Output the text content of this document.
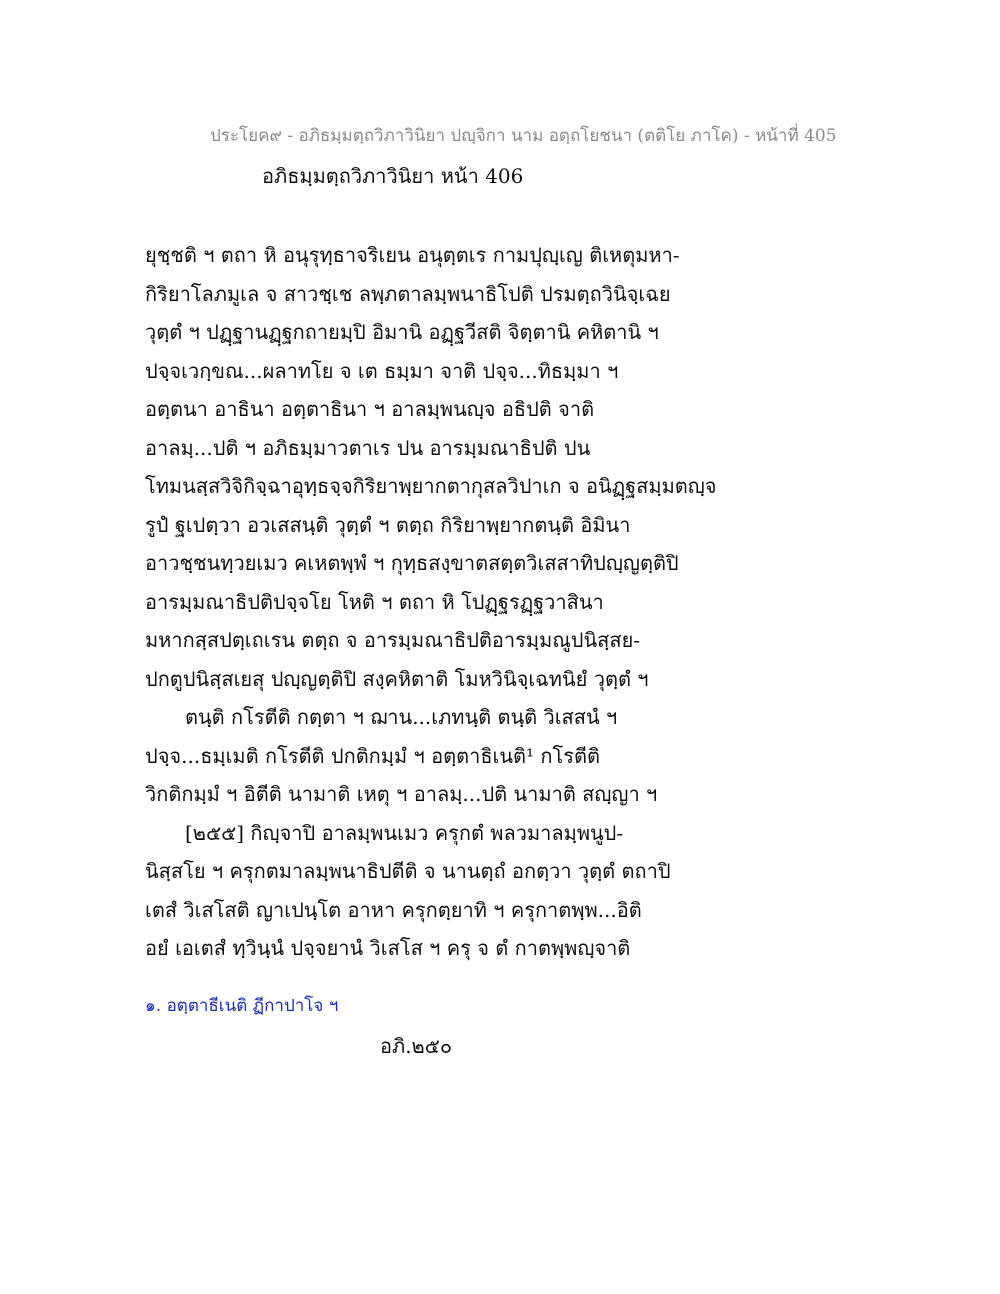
ประโยค๙ - อภิธมฺมตฺถวิภาวินิยา ปญฺจิกา นาม อตฺถโยชนา (ตติโย ภาโค) - หน้าที่ 405
อภิธมฺมตฺถวิภาวินิยา หน้า 406
ยุชฺชติ ฯ ตถา หิ อนุรุทฺธาจริเยน อนุตฺตเร กามปุญฺเญ ติเหตุมหา-
กิริยาโลภมูเล จ สาวชฺเช ลพฺภตาลมฺพนาธิโปติ ปรมตฺถวินิจฺเฉย
วุตฺตํ ฯ ปฏฺฐานฏฺฐกถายมฺปิ อิมานิ อฏฺฐวีสติ จิตฺตานิ คหิตานิ ฯ
ปจฺจเวกฺขณ...ผลาทโย จ เต ธมฺมา จาติ ปจฺจ...ทิธมฺมา ฯ
อตฺตนา อาธินา อตฺตาธินา ฯ อาลมฺพนญฺจ อธิปติ จาติ
อาลมฺ...ปติ ฯ อภิธมฺมาวตาเร ปน อารมฺมณาธิปติ ปน
โทมนสฺสวิจิกิจฺฉาอุทฺธจฺจกิริยาพฺยากตากุสลวิปาเก จ อนิฏฺฐสมฺมตญฺจ
รูปํ ฐเปตฺวา อวเสสนฺติ วุตฺตํ ฯ ตตฺถ กิริยาพฺยากตนฺติ อิมินา
อาวชฺชนทฺวยเมว คเหตพฺพํ ฯ กุทฺธสงฺขาตสตฺตวิเสสาทิปญฺญตฺติปิ
อารมฺมณาธิปติปจฺจโย โหติ ฯ ตถา หิ โปฏฺฐรฏฺฐวาสินา
มหากสฺสปตฺเถเรน ตตฺถ จ อารมฺมณาธิปติอารมฺมณูปนิสฺสย-
ปกตูปนิสฺสเยสุ ปญฺญตฺติปิ สงฺคหิตาติ โมหวินิจฺเฉทนิยํ วุตฺตํ ฯ
ตนฺติ กโรตีติ กตฺตา ฯ ฌาน...เภทนฺติ ตนฺติ วิเสสนํ ฯ
ปจฺจ...ธมฺเมติ กโรตีติ ปกติกมฺมํ ฯ อตฺตาธิเนติ¹ กโรตีติ
วิกติกมฺมํ ฯ อิตีติ นามาติ เหตุ ฯ อาลมฺ...ปติ นามาติ สญฺญา ฯ
[๒๕๕] กิญฺจาปิ อาลมฺพนเมว ครุกตํ พลวมาลมฺพนูป-
นิสฺสโย ฯ ครุกตมาลมฺพนาธิปตีติ จ นานตฺถํ อกตฺวา วุตฺตํ ตถาปิ
เตสํ วิเสโสติ ญาเปนฺโต อาหา ครุกตฺยาทิ ฯ ครุกาตพฺพ...อิติ
อยํ เอเตสํ ทฺวินฺนํ ปจฺจยานํ วิเสโส ฯ ครุ จ ตํ กาตพฺพญฺจาติ
๑. อตฺตาธีเนติ ฏีกาปาโจ ฯ
อภิ.๒๕๐
